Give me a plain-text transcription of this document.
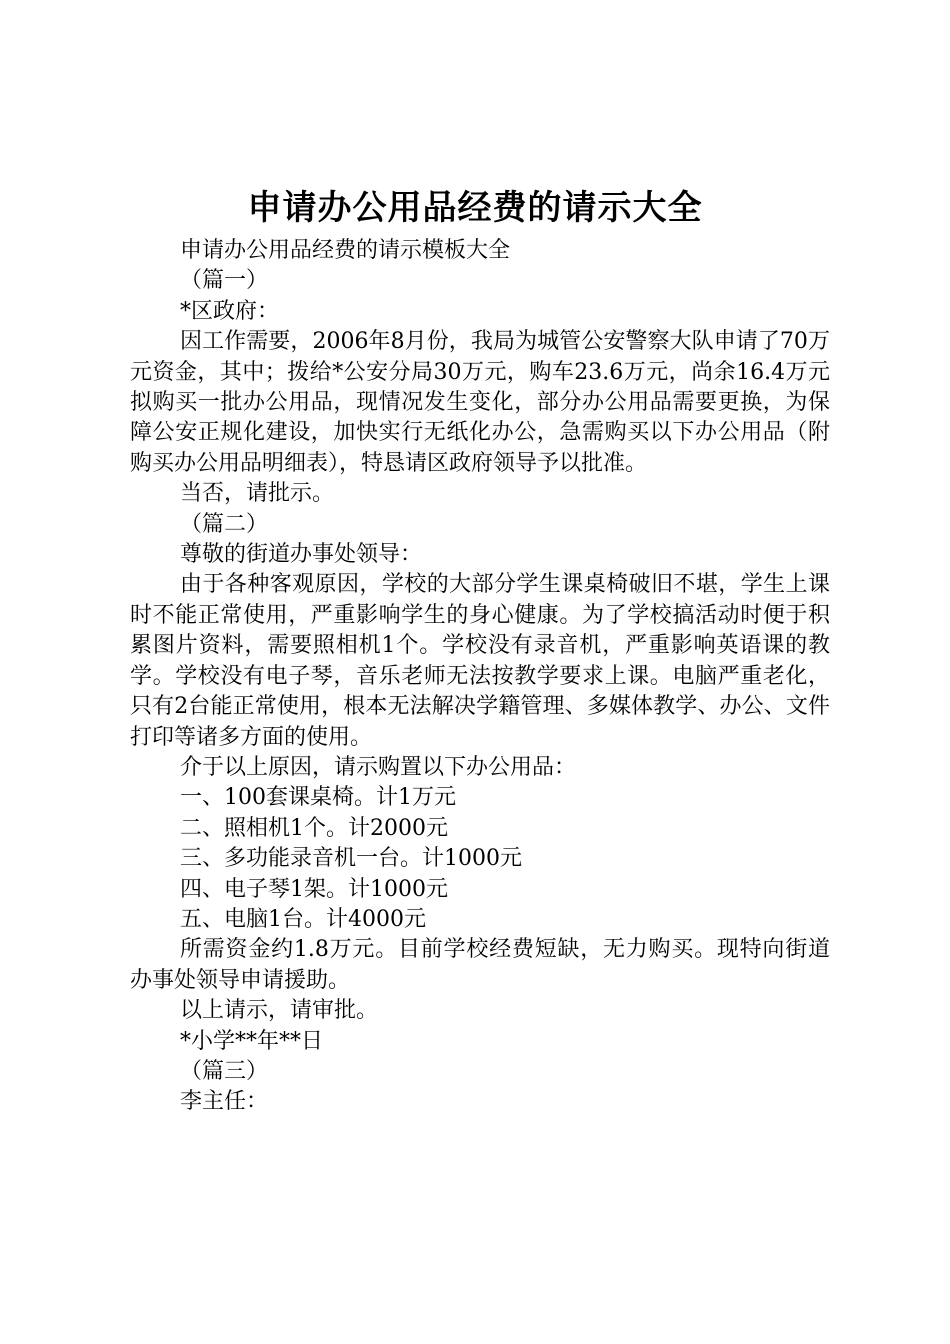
申请办公用品经费的请示大全

申请办公用品经费的请示模板大全

（篇一）

*区政府：

因工作需要，2006年8月份，我局为城管公安警察大队申请了70万元资金，其中；拨给*公安分局30万元，购车23.6万元，尚余16.4万元拟购买一批办公用品，现情况发生变化，部分办公用品需要更换，为保障公安正规化建设，加快实行无纸化办公，急需购买以下办公用品（附购买办公用品明细表），特恳请区政府领导予以批准。

当否，请批示。

（篇二）

尊敬的街道办事处领导：

由于各种客观原因，学校的大部分学生课桌椅破旧不堪，学生上课时不能正常使用，严重影响学生的身心健康。为了学校搞活动时便于积累图片资料，需要照相机1个。学校没有录音机，严重影响英语课的教学。学校没有电子琴，音乐老师无法按教学要求上课。电脑严重老化，只有2台能正常使用，根本无法解决学籍管理、多媒体教学、办公、文件打印等诸多方面的使用。

介于以上原因，请示购置以下办公用品：

一、100套课桌椅。计1万元

二、照相机1个。计2000元

三、多功能录音机一台。计1000元

四、电子琴1架。计1000元

五、电脑1台。计4000元

所需资金约1.8万元。目前学校经费短缺，无力购买。现特向街道办事处领导申请援助。

以上请示，请审批。

*小学**年**日

（篇三）

李主任：
